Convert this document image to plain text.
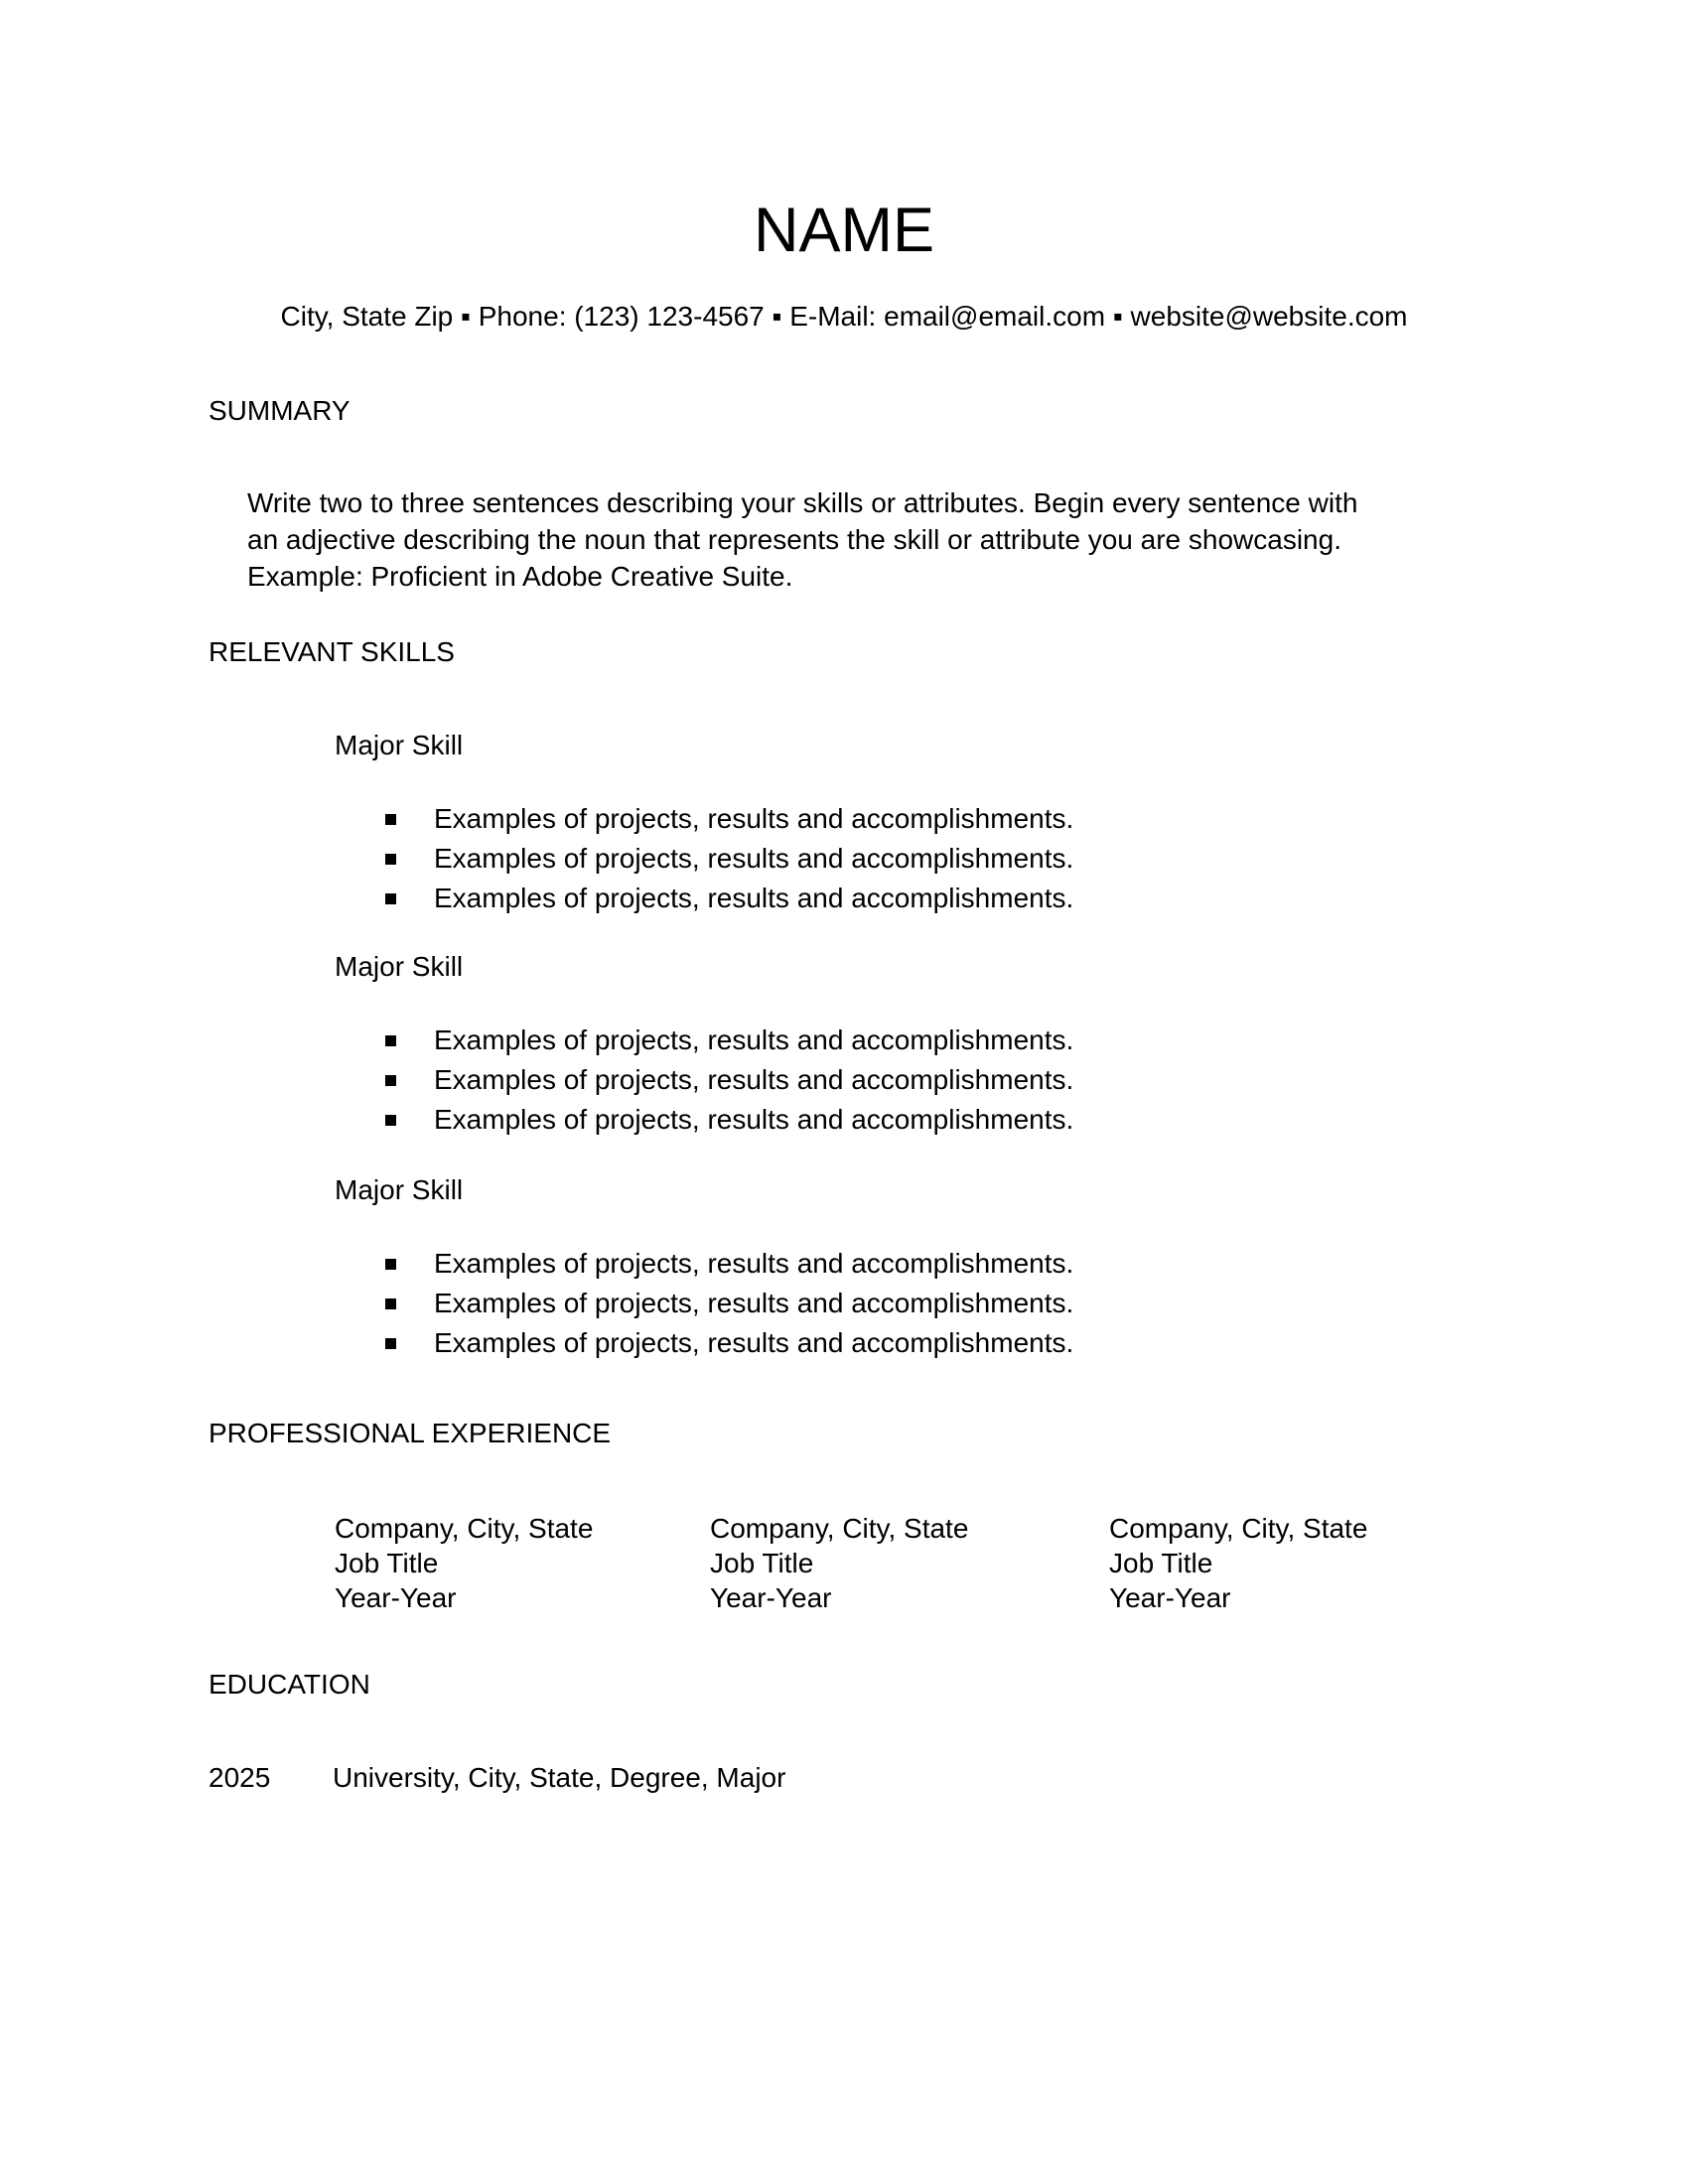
NAME
City, State Zip ▪ Phone: (123) 123-4567 ▪ E-Mail: email@email.com ▪ website@website.com
SUMMARY
Write two to three sentences describing your skills or attributes. Begin every sentence with
an adjective describing the noun that represents the skill or attribute you are showcasing.
Example: Proficient in Adobe Creative Suite.
RELEVANT SKILLS
Major Skill
Examples of projects, results and accomplishments.
Examples of projects, results and accomplishments.
Examples of projects, results and accomplishments.
Major Skill
Examples of projects, results and accomplishments.
Examples of projects, results and accomplishments.
Examples of projects, results and accomplishments.
Major Skill
Examples of projects, results and accomplishments.
Examples of projects, results and accomplishments.
Examples of projects, results and accomplishments.
PROFESSIONAL EXPERIENCE
Company, City, State
Job Title
Year-Year
Company, City, State
Job Title
Year-Year
Company, City, State
Job Title
Year-Year
EDUCATION
2025 University, City, State, Degree, Major
